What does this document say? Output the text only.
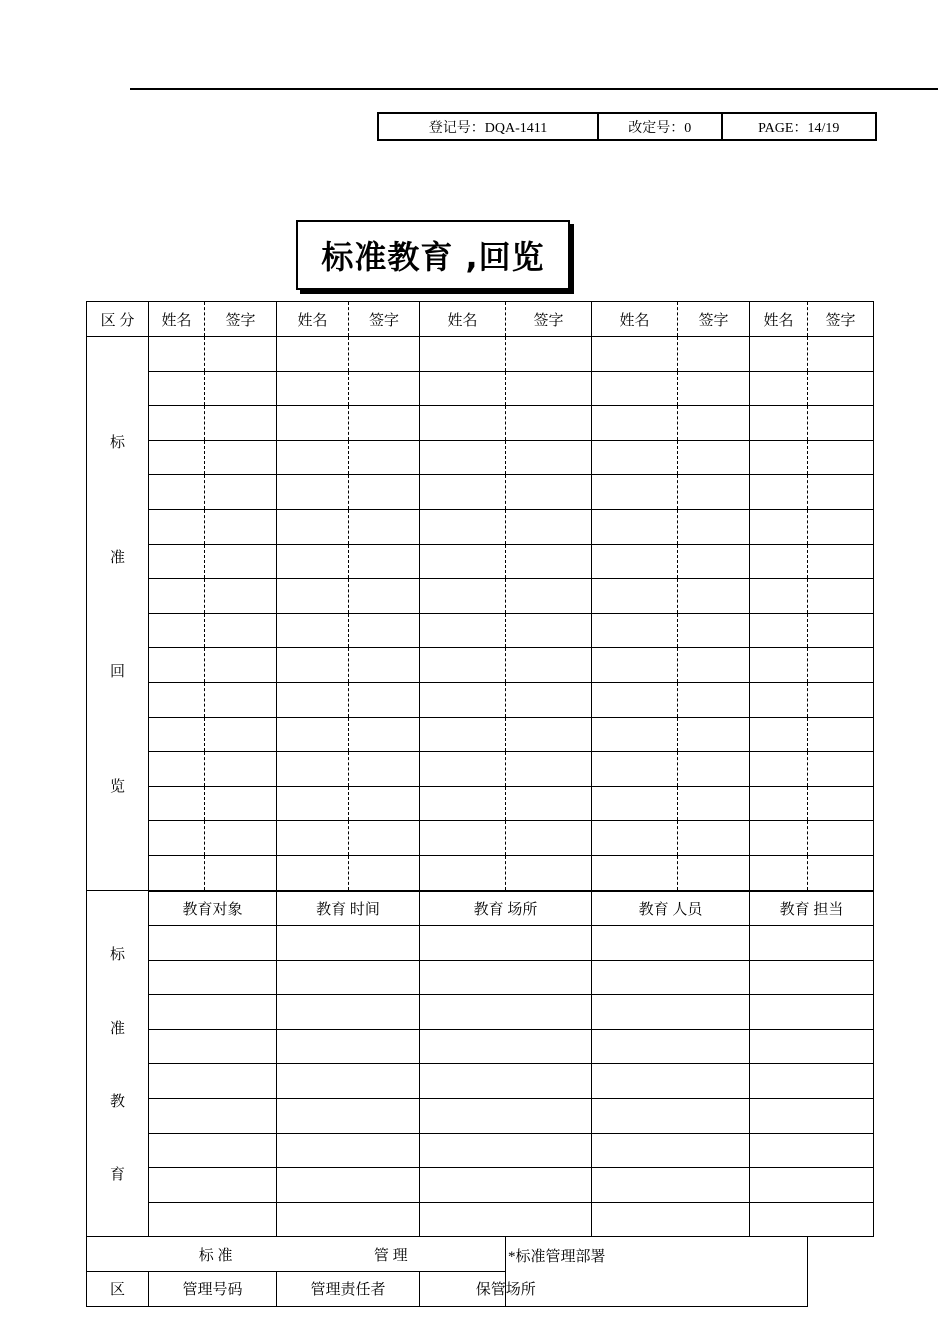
登记号：DQA-1411	改定号：0	PAGE：14/19
标准教育 ,回览
区 分	姓名	签字	姓名	签字	姓名	签字	姓名	签字	姓名	签字

标
准
回
览										

标
准
教
育	教育对象		教育 时间		教育 场所		教育 人员		教育 担当	

标 准			管 理			*标准管理部署				
区	管理号码		管理责任者		保管场所					
